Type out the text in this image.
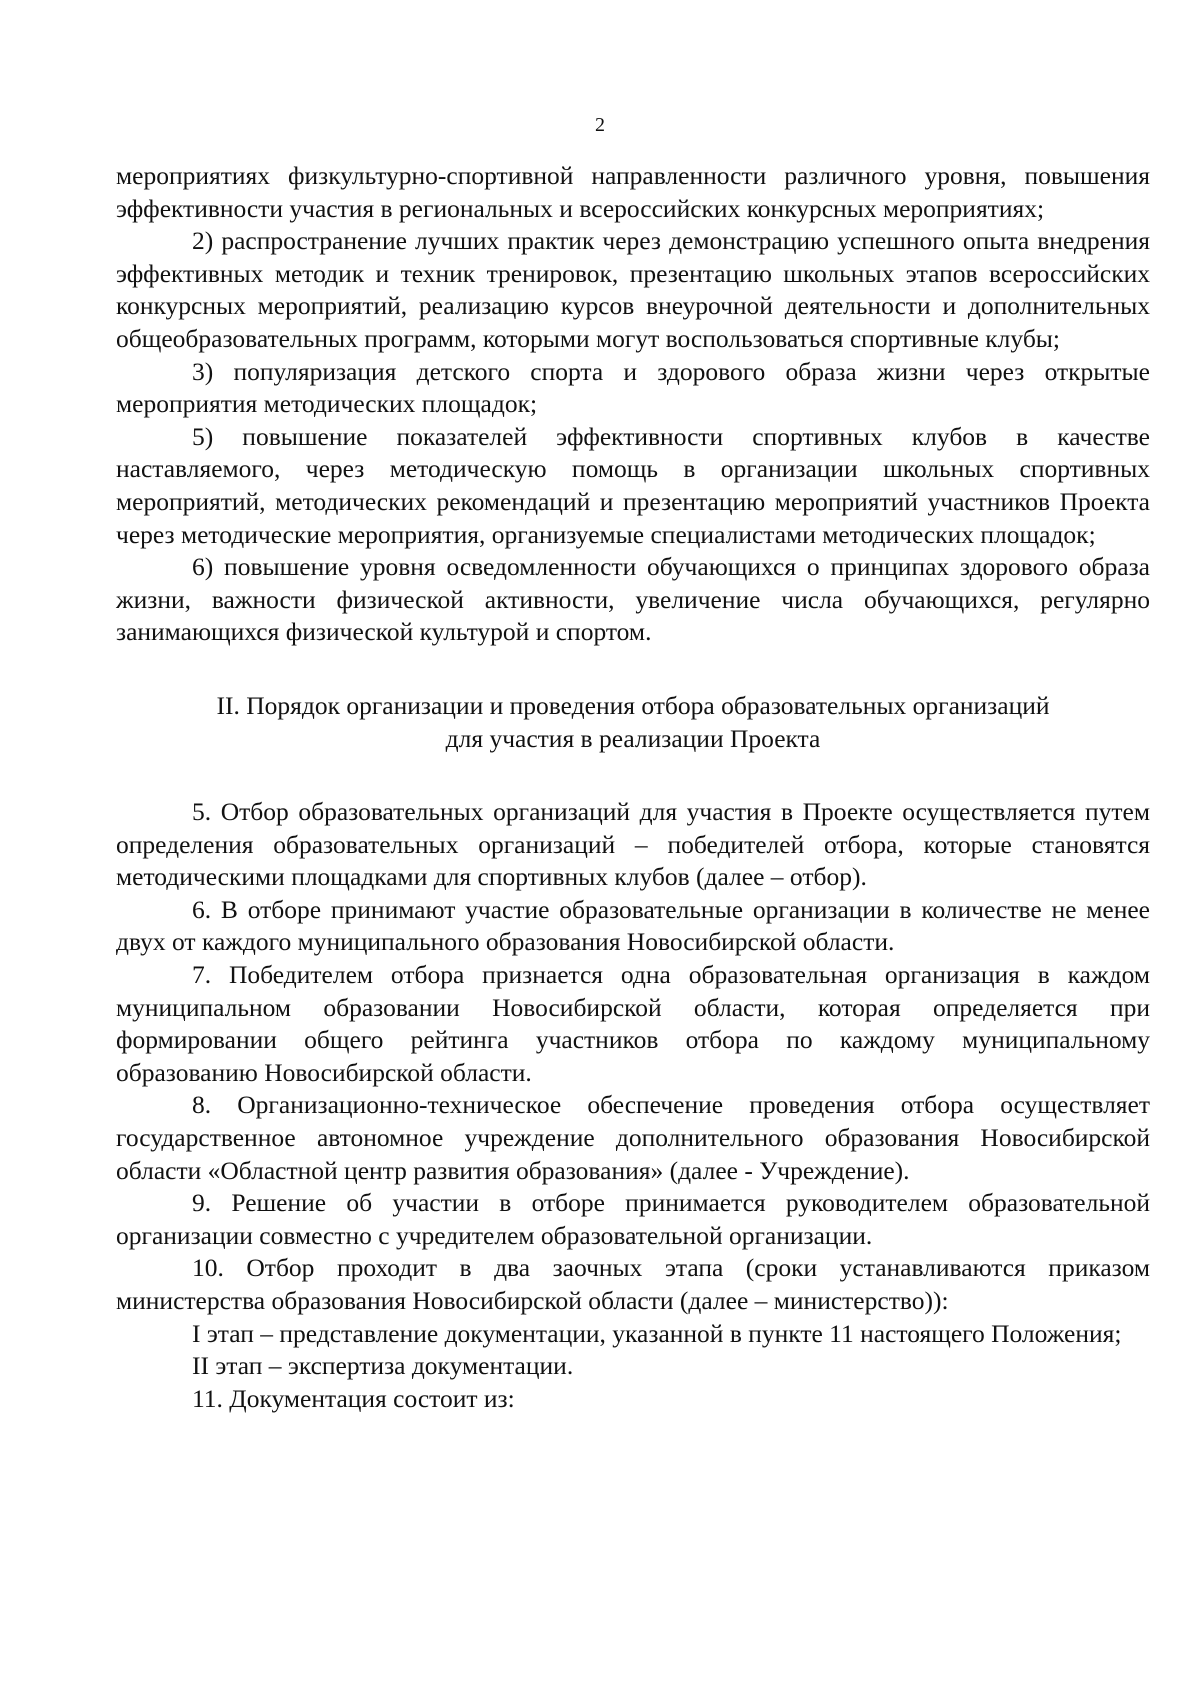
2

мероприятиях физкультурно-спортивной направленности различного уровня, повышения эффективности участия в региональных и всероссийских конкурсных мероприятиях;

2) распространение лучших практик через демонстрацию успешного опыта внедрения эффективных методик и техник тренировок, презентацию школьных этапов всероссийских конкурсных мероприятий, реализацию курсов внеурочной деятельности и дополнительных общеобразовательных программ, которыми могут воспользоваться спортивные клубы;

3) популяризация детского спорта и здорового образа жизни через открытые мероприятия методических площадок;

5) повышение показателей эффективности спортивных клубов в качестве наставляемого, через методическую помощь в организации школьных спортивных мероприятий, методических рекомендаций и презентацию мероприятий участников Проекта через методические мероприятия, организуемые специалистами методических площадок;

6) повышение уровня осведомленности обучающихся о принципах здорового образа жизни, важности физической активности, увеличение числа обучающихся, регулярно занимающихся физической культурой и спортом.

II. Порядок организации и проведения отбора образовательных организаций
для участия в реализации Проекта

5. Отбор образовательных организаций для участия в Проекте осуществляется путем определения образовательных организаций – победителей отбора, которые становятся методическими площадками для спортивных клубов (далее – отбор).

6. В отборе принимают участие образовательные организации в количестве не менее двух от каждого муниципального образования Новосибирской области.

7. Победителем отбора признается одна образовательная организация в каждом муниципальном образовании Новосибирской области, которая определяется при формировании общего рейтинга участников отбора по каждому муниципальному образованию Новосибирской области.

8. Организационно-техническое обеспечение проведения отбора осуществляет государственное автономное учреждение дополнительного образования Новосибирской области «Областной центр развития образования» (далее - Учреждение).

9. Решение об участии в отборе принимается руководителем образовательной организации совместно с учредителем образовательной организации.

10. Отбор проходит в два заочных этапа (сроки устанавливаются приказом министерства образования Новосибирской области (далее – министерство)):

I этап – представление документации, указанной в пункте 11 настоящего Положения;

II этап – экспертиза документации.

11. Документация состоит из:
